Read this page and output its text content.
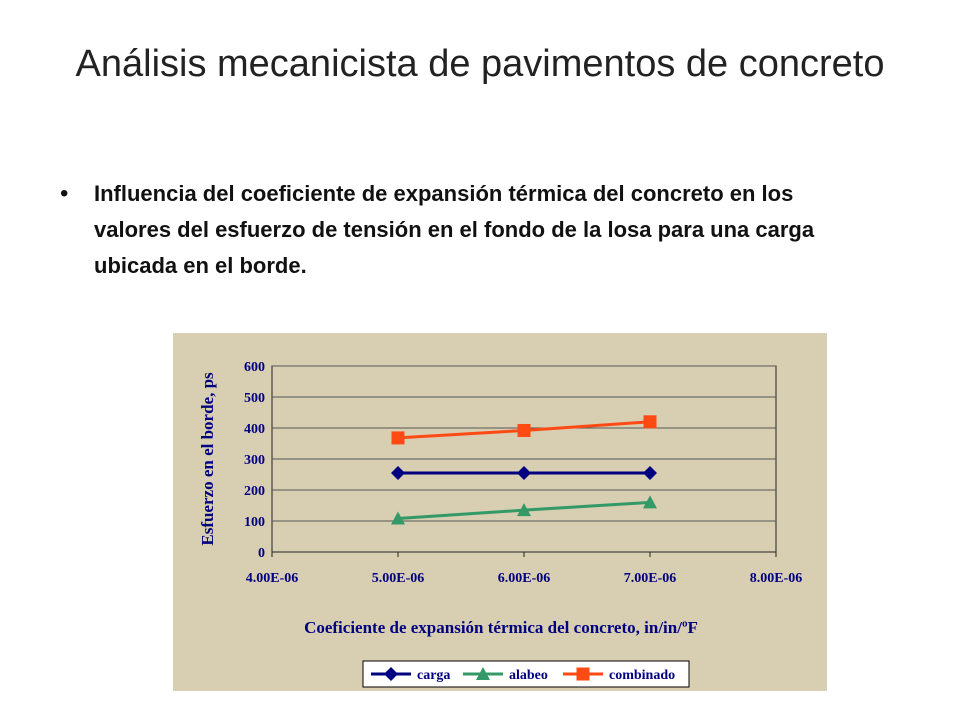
Análisis mecanicista de pavimentos de concreto
•	Influencia del coeficiente de expansión térmica del concreto en los valores del esfuerzo de tensión en el fondo de la losa para una carga ubicada en el borde.
4.00E-06	5.00E-06	6.00E-06	7.00E-06	8.00E-06
0
100
200
300
400
500
600
Coeficiente de expansión térmica del concreto, in/in/ºF
Esfuerzo en el borde, ps
carga	alabeo	combinado
